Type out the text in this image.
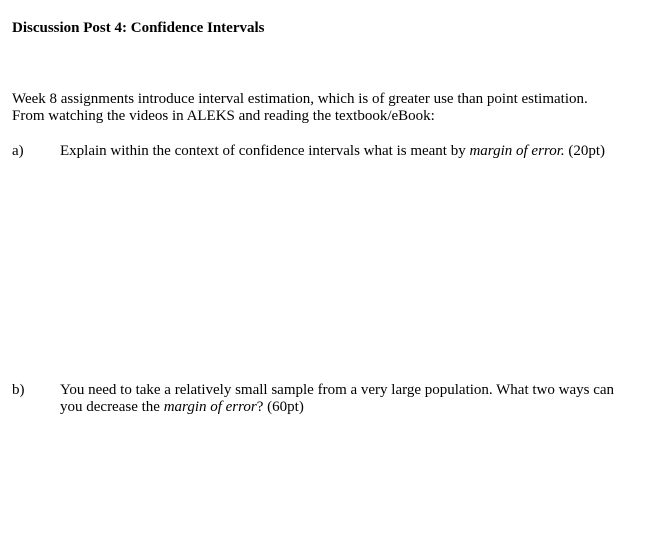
Discussion Post 4: Confidence Intervals
Week 8 assignments introduce interval estimation, which is of greater use than point estimation.
From watching the videos in ALEKS and reading the textbook/eBook:
a) Explain within the context of confidence intervals what is meant by margin of error. (20pt)
b) You need to take a relatively small sample from a very large population. What two ways can you decrease the margin of error? (60pt)
